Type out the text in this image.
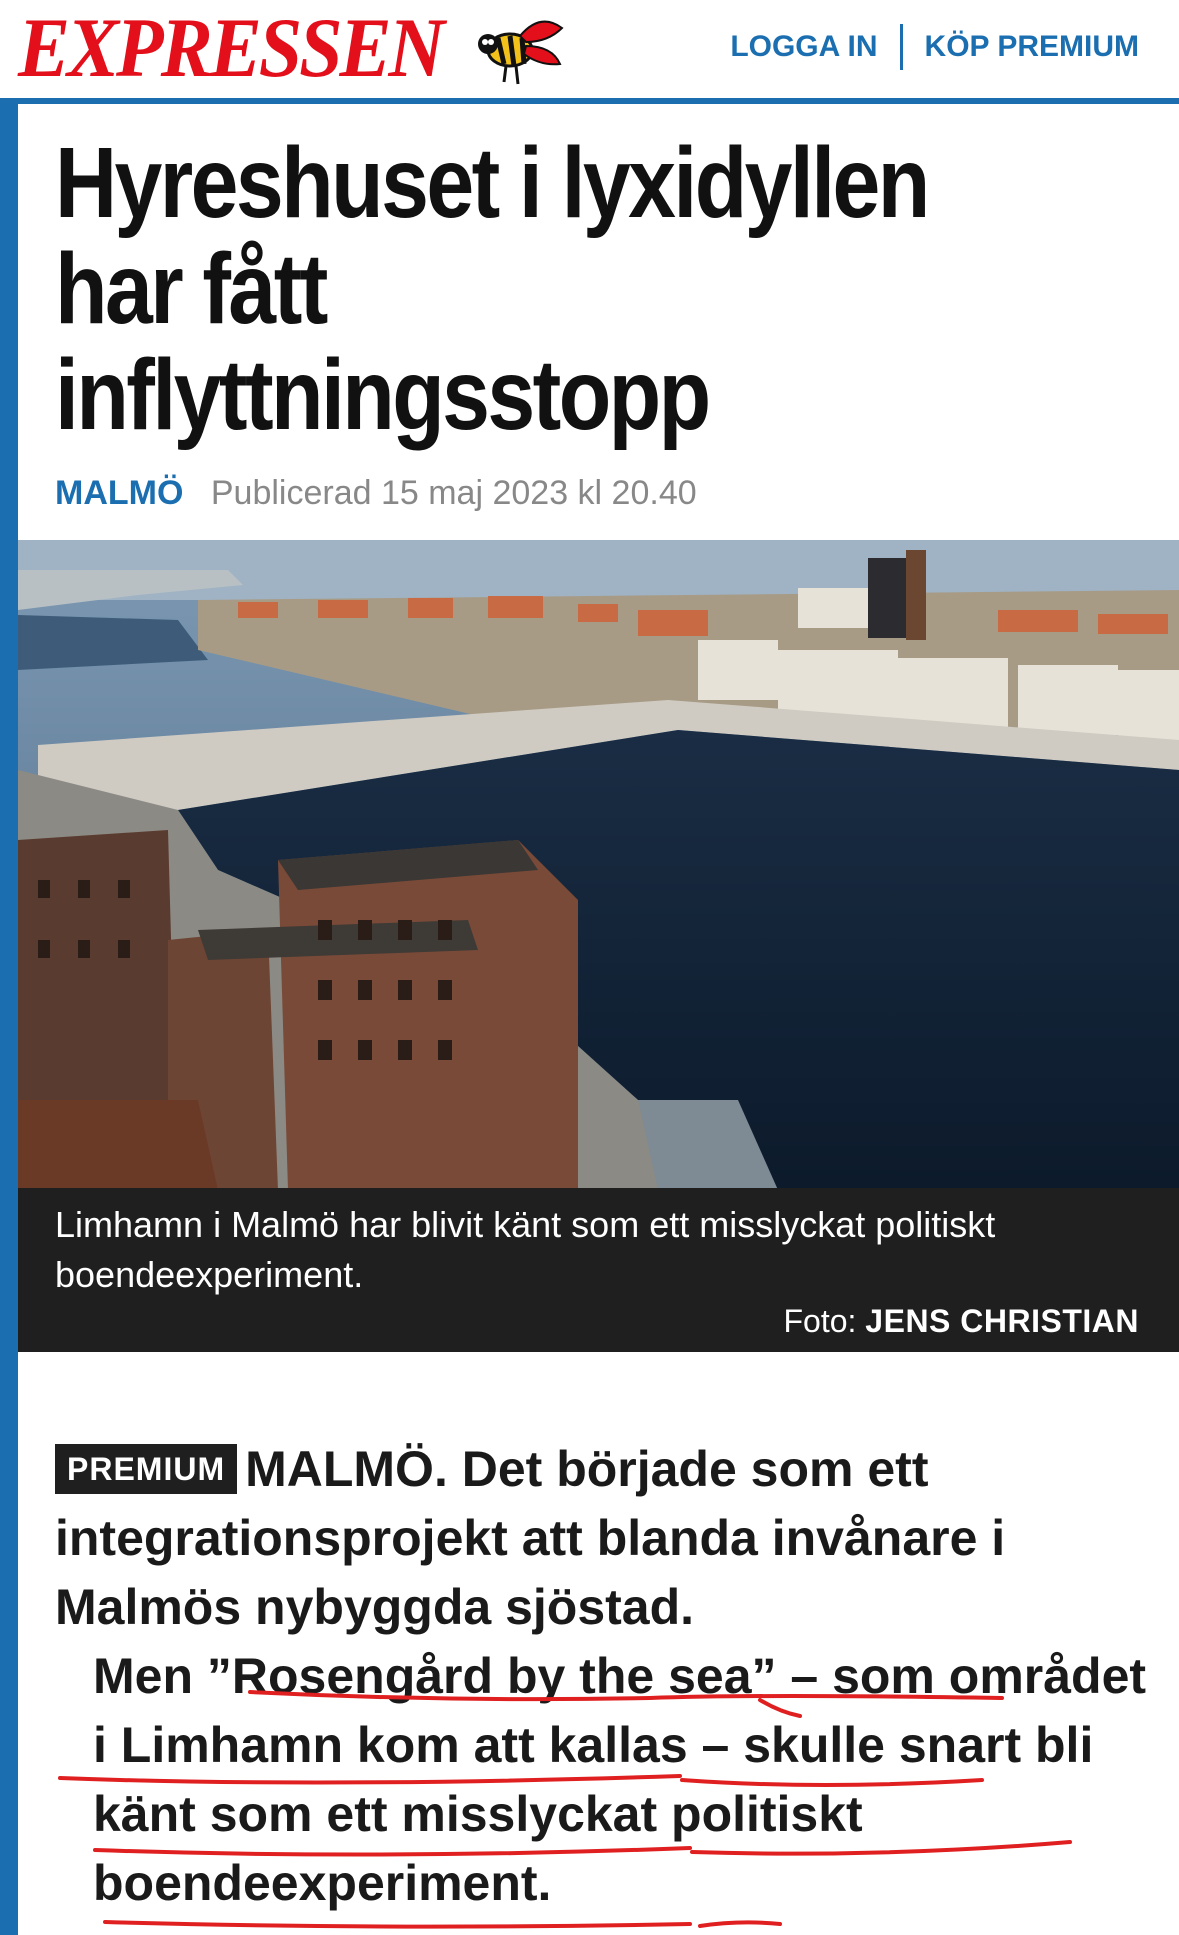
EXPRESSEN	LOGGA IN KÖP PREMIUM
Hyreshuset i lyxidyllen
har fått
inflyttningsstopp
MALMÖ Publicerad 15 maj 2023 kl 20.40
Limhamn i Malmö har blivit känt som ett misslyckat politiskt boendeexperiment.
Foto: JENS CHRISTIAN

PREMIUM MALMÖ. Det började som ett integrationsprojekt att blanda invånare i Malmös nybyggda sjöstad.

Men ”Rosengård by the sea” – som området i Limhamn kom att kallas – skulle snart bli känt som ett misslyckat politiskt boendeexperiment.
